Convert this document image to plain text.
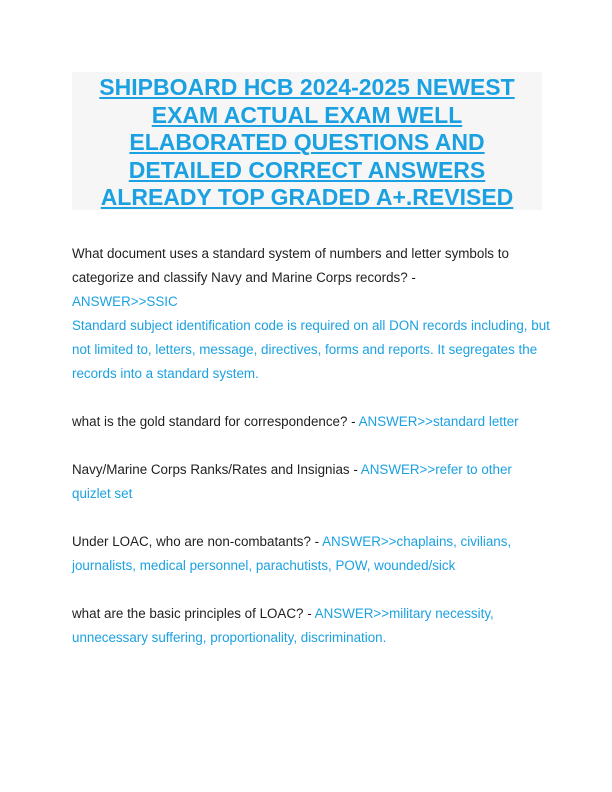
SHIPBOARD HCB 2024-2025 NEWEST EXAM ACTUAL EXAM WELL ELABORATED QUESTIONS AND DETAILED CORRECT ANSWERS ALREADY TOP GRADED A+.REVISED
What document uses a standard system of numbers and letter symbols to categorize and classify Navy and Marine Corps records? -
ANSWER>>SSIC
Standard subject identification code is required on all DON records including, but not limited to, letters, message, directives, forms and reports. It segregates the records into a standard system.
what is the gold standard for correspondence? - ANSWER>>standard letter
Navy/Marine Corps Ranks/Rates and Insignias - ANSWER>>refer to other quizlet set
Under LOAC, who are non-combatants? - ANSWER>>chaplains, civilians, journalists, medical personnel, parachutists, POW, wounded/sick
what are the basic principles of LOAC? - ANSWER>>military necessity, unnecessary suffering, proportionality, discrimination.
